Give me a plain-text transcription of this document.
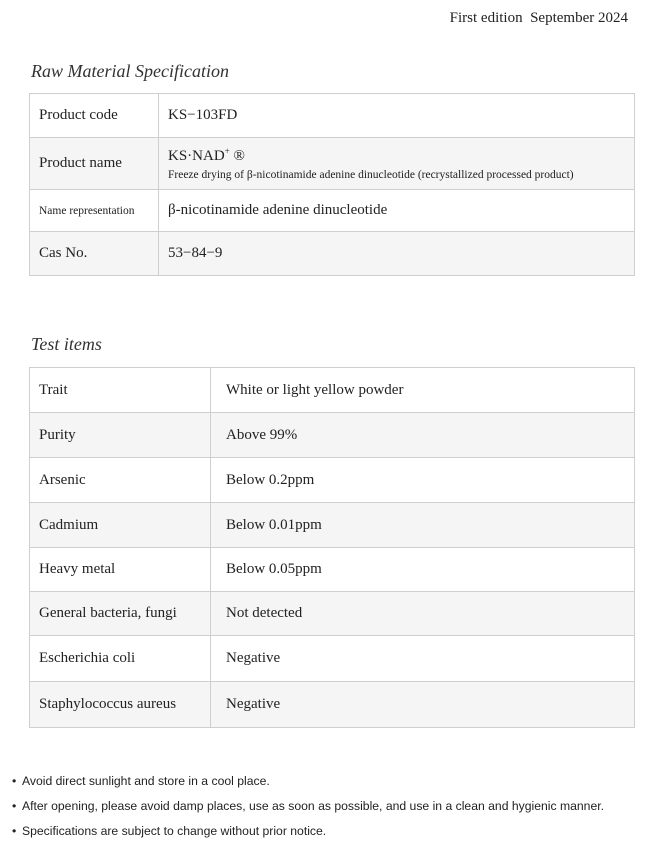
First edition  September 2024
Raw Material Specification
Product code	KS−103FD
Product name	KS·NAD+ ®
Freeze drying of β-nicotinamide adenine dinucleotide (recrystallized processed product)

Name representation	β-nicotinamide adenine dinucleotide
Cas No.	53−84−9
Test items
Trait	White or light yellow powder
Purity	Above 99%
Arsenic	Below 0.2ppm
Cadmium	Below 0.01ppm
Heavy metal	Below 0.05ppm
General bacteria, fungi	Not detected
Escherichia coli	Negative
Staphylococcus aureus	Negative
• Avoid direct sunlight and store in a cool place.
• After opening, please avoid damp places, use as soon as possible, and use in a clean and hygienic manner.
• Specifications are subject to change without prior notice.
